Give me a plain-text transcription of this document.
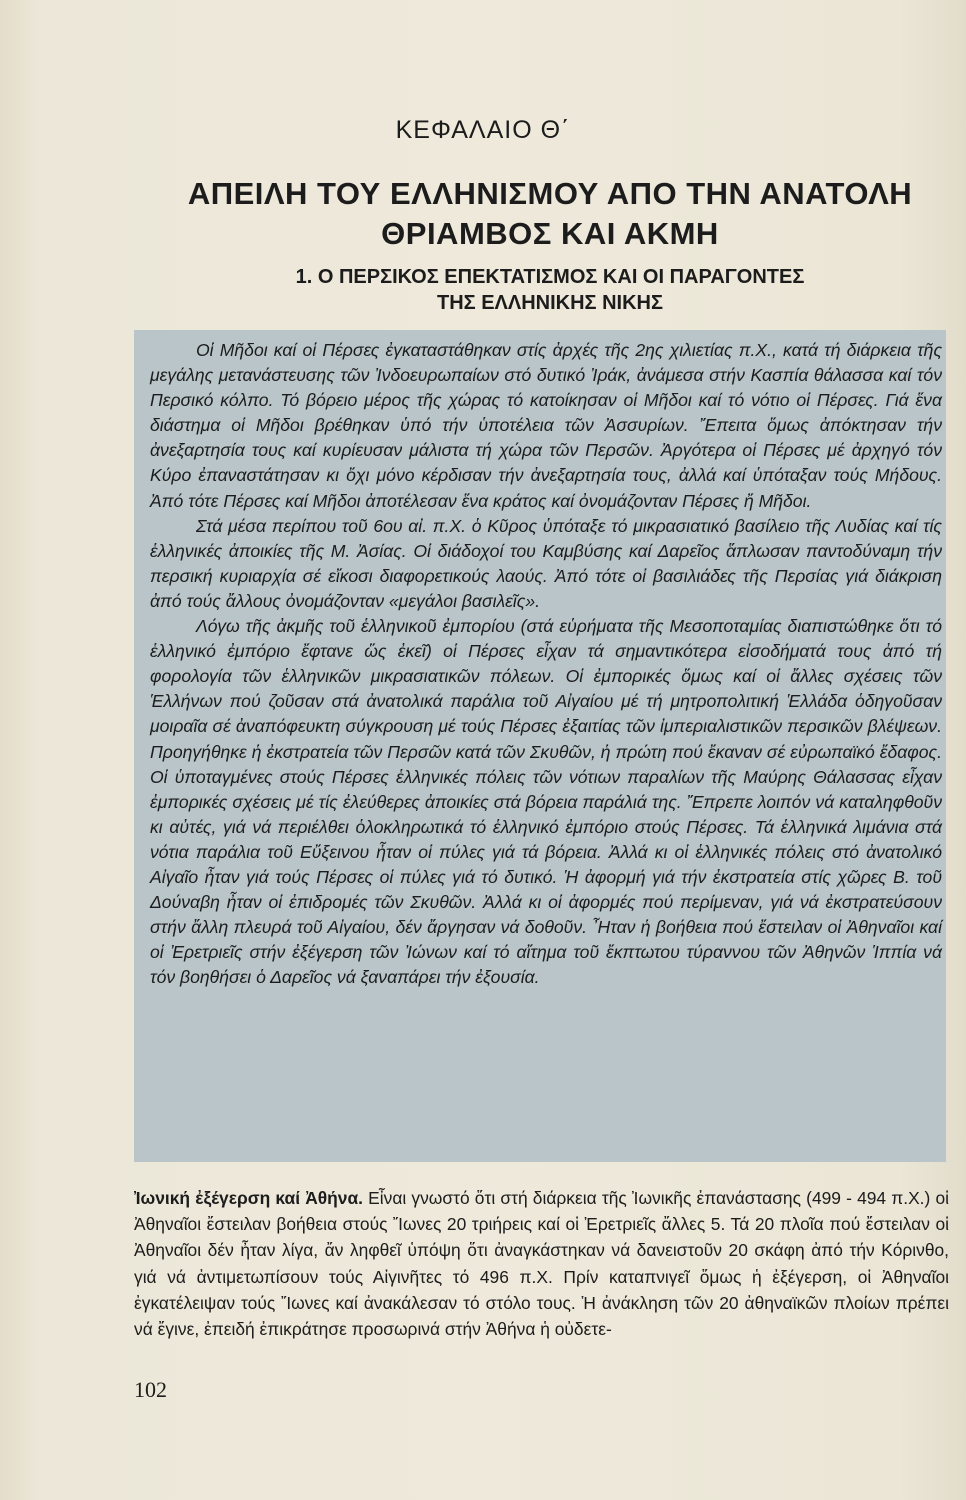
ΚΕΦΑΛΑΙΟ Θ΄
ΑΠΕΙΛΗ ΤΟΥ ΕΛΛΗΝΙΣΜΟΥ ΑΠΟ ΤΗΝ ΑΝΑΤΟΛΗ
ΘΡΙΑΜΒΟΣ ΚΑΙ ΑΚΜΗ
1. Ο ΠΕΡΣΙΚΟΣ ΕΠΕΚΤΑΤΙΣΜΟΣ ΚΑΙ ΟΙ ΠΑΡΑΓΟΝΤΕΣ
ΤΗΣ ΕΛΛΗΝΙΚΗΣ ΝΙΚΗΣ

Οἱ Μῆδοι καί οἱ Πέρσες ἐγκαταστάθηκαν στίς ἀρχές τῆς 2ης χιλιετίας π.Χ., κατά τή διάρκεια τῆς μεγάλης μετανάστευσης τῶν Ἰνδοευρωπαίων στό δυτικό Ἰράκ, ἀνάμεσα στήν Κασπία θάλασσα καί τόν Περσικό κόλπο. Τό βόρειο μέρος τῆς χώρας τό κατοίκησαν οἱ Μῆδοι καί τό νότιο οἱ Πέρσες. Γιά ἕνα διάστημα οἱ Μῆδοι βρέθηκαν ὑπό τήν ὑποτέλεια τῶν Ἀσσυρίων. Ἔπειτα ὅμως ἀπόκτησαν τήν ἀνεξαρτησία τους καί κυρίευσαν μάλιστα τή χώρα τῶν Περσῶν. Ἀργότερα οἱ Πέρσες μέ ἀρχηγό τόν Κύρο ἐπαναστάτησαν κι ὄχι μόνο κέρδισαν τήν ἀνεξαρτησία τους, ἀλλά καί ὑπόταξαν τούς Μήδους. Ἀπό τότε Πέρσες καί Μῆδοι ἀποτέλεσαν ἕνα κράτος καί ὀνομάζονταν Πέρσες ἤ Μῆδοι.

Στά μέσα περίπου τοῦ 6ου αἰ. π.Χ. ὁ Κῦρος ὑπόταξε τό μικρασιατικό βασίλειο τῆς Λυδίας καί τίς ἑλληνικές ἀποικίες τῆς Μ. Ἀσίας. Οἱ διάδοχοί του Καμβύσης καί Δαρεῖος ἅπλωσαν παντοδύναμη τήν περσική κυριαρχία σέ εἴκοσι διαφορετικούς λαούς. Ἀπό τότε οἱ βασιλιάδες τῆς Περσίας γιά διάκριση ἀπό τούς ἄλλους ὀνομάζονταν «μεγάλοι βασιλεῖς».

Λόγω τῆς ἀκμῆς τοῦ ἑλληνικοῦ ἐμπορίου (στά εὑρήματα τῆς Μεσοποταμίας διαπιστώθηκε ὅτι τό ἑλληνικό ἐμπόριο ἔφτανε ὥς ἐκεῖ) οἱ Πέρσες εἶχαν τά σημαντικότερα εἰσοδήματά τους ἀπό τή φορολογία τῶν ἑλληνικῶν μικρασιατικῶν πόλεων. Οἱ ἐμπορικές ὅμως καί οἱ ἄλλες σχέσεις τῶν Ἑλλήνων πού ζοῦσαν στά ἀνατολικά παράλια τοῦ Αἰγαίου μέ τή μητροπολιτική Ἑλλάδα ὁδηγοῦσαν μοιραῖα σέ ἀναπόφευκτη σύγκρουση μέ τούς Πέρσες ἐξαιτίας τῶν ἰμπεριαλιστικῶν περσικῶν βλέψεων. Προηγήθηκε ἡ ἐκστρατεία τῶν Περσῶν κατά τῶν Σκυθῶν, ἡ πρώτη πού ἔκαναν σέ εὐρωπαϊκό ἔδαφος. Οἱ ὑποταγμένες στούς Πέρσες ἑλληνικές πόλεις τῶν νότιων παραλίων τῆς Μαύρης Θάλασσας εἶχαν ἐμπορικές σχέσεις μέ τίς ἐλεύθερες ἀποικίες στά βόρεια παράλιά της. Ἔπρεπε λοιπόν νά καταληφθοῦν κι αὐτές, γιά νά περιέλθει ὁλοκληρωτικά τό ἑλληνικό ἐμπόριο στούς Πέρσες. Τά ἑλληνικά λιμάνια στά νότια παράλια τοῦ Εὔξεινου ἦταν οἱ πύλες γιά τά βόρεια. Ἀλλά κι οἱ ἑλληνικές πόλεις στό ἀνατολικό Αἰγαῖο ἦταν γιά τούς Πέρσες οἱ πύλες γιά τό δυτικό. Ἡ ἀφορμή γιά τήν ἐκστρατεία στίς χῶρες Β. τοῦ Δούναβη ἦταν οἱ ἐπιδρομές τῶν Σκυθῶν. Ἀλλά κι οἱ ἀφορμές πού περίμεναν, γιά νά ἐκστρατεύσουν στήν ἄλλη πλευρά τοῦ Αἰγαίου, δέν ἄργησαν νά δοθοῦν. Ἦταν ἡ βοήθεια πού ἔστειλαν οἱ Ἀθηναῖοι καί οἱ Ἐρετριεῖς στήν ἐξέγερση τῶν Ἰώνων καί τό αἴτημα τοῦ ἔκπτωτου τύραννου τῶν Ἀθηνῶν Ἱππία νά τόν βοηθήσει ὁ Δαρεῖος νά ξαναπάρει τήν ἐξουσία.

Ἰωνική ἐξέγερση καί Ἀθήνα. Εἶναι γνωστό ὅτι στή διάρκεια τῆς Ἰωνικῆς ἐπανάστασης (499 - 494 π.Χ.) οἱ Ἀθηναῖοι ἔστειλαν βοήθεια στούς Ἴωνες 20 τριήρεις καί οἱ Ἐρετριεῖς ἄλλες 5. Τά 20 πλοῖα πού ἔστειλαν οἱ Ἀθηναῖοι δέν ἦταν λίγα, ἄν ληφθεῖ ὑπόψη ὅτι ἀναγκάστηκαν νά δανειστοῦν 20 σκάφη ἀπό τήν Κόρινθο, γιά νά ἀντιμετωπίσουν τούς Αἰγινῆτες τό 496 π.Χ. Πρίν καταπνιγεῖ ὅμως ἡ ἐξέγερση, οἱ Ἀθηναῖοι ἐγκατέλειψαν τούς Ἴωνες καί ἀνακάλεσαν τό στόλο τους. Ἡ ἀνάκληση τῶν 20 ἀθηναϊκῶν πλοίων πρέπει νά ἔγινε, ἐπειδή ἐπικράτησε προσωρινά στήν Ἀθήνα ἡ οὐδετε-
102
